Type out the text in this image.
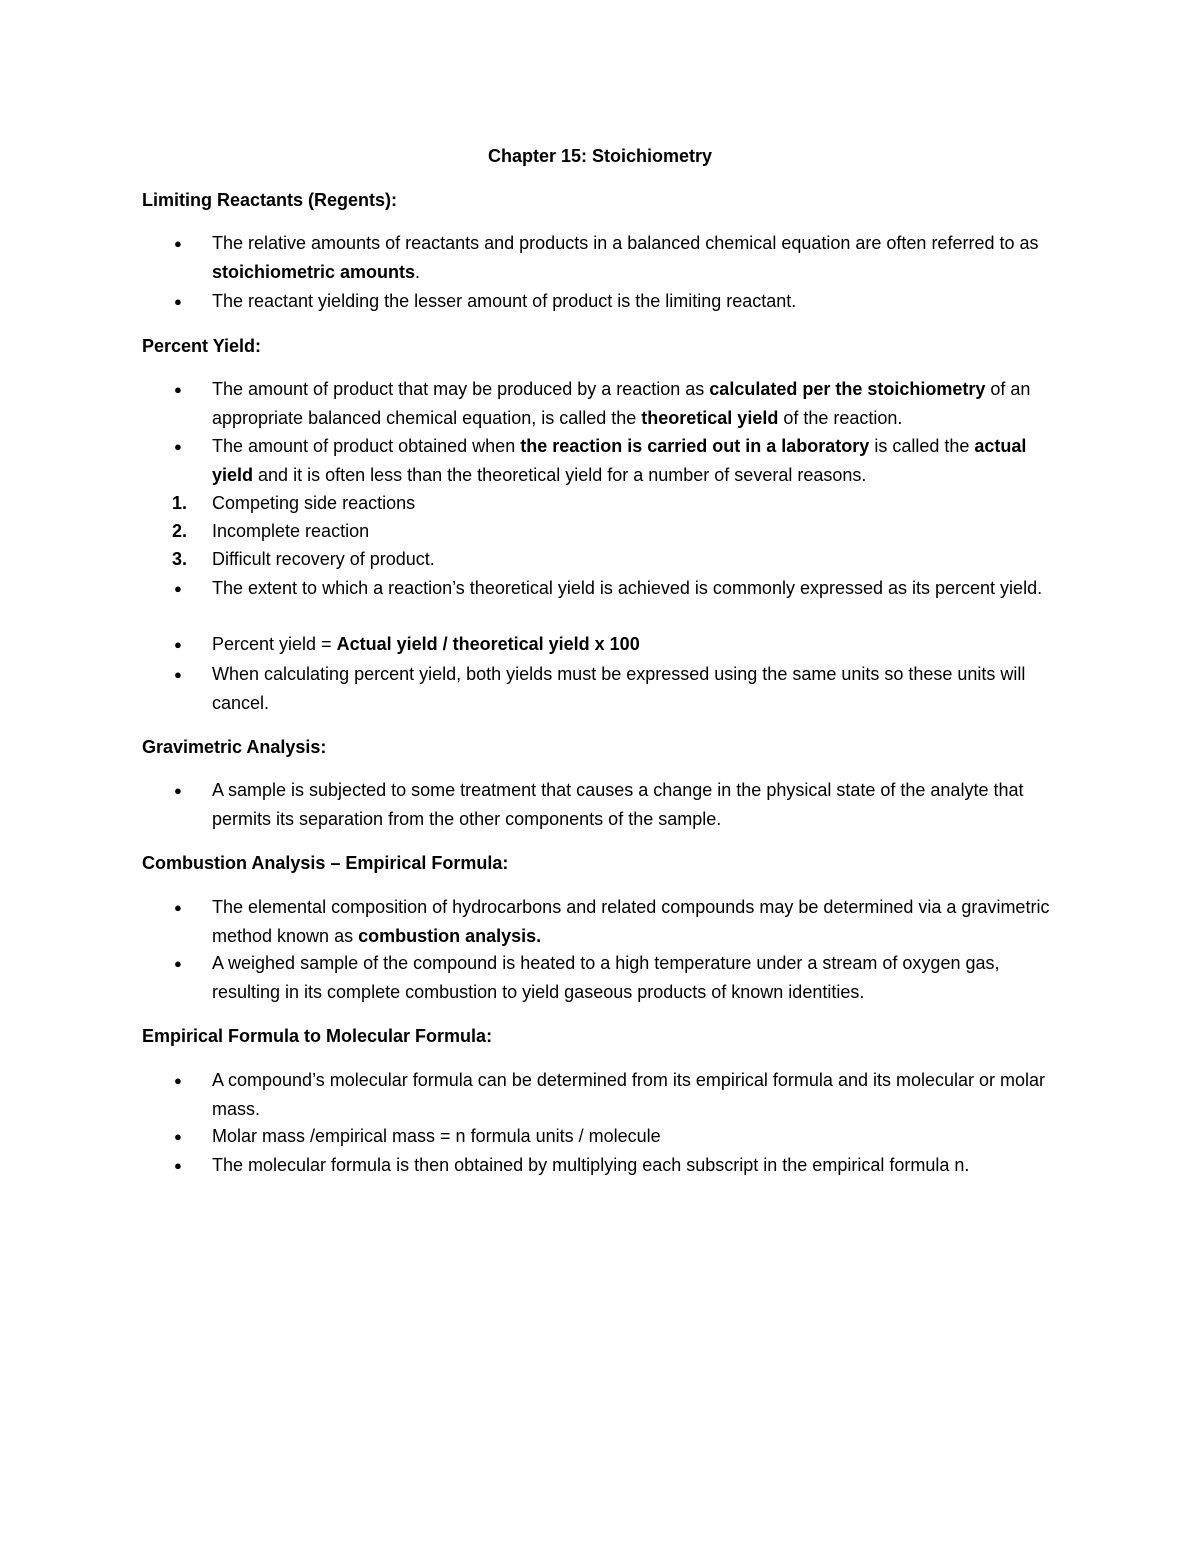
Chapter 15: Stoichiometry
Limiting Reactants (Regents):
●	The relative amounts of reactants and products in a balanced chemical equation are often referred to as stoichiometric amounts.
●	The reactant yielding the lesser amount of product is the limiting reactant.
Percent Yield:
●	The amount of product that may be produced by a reaction as calculated per the stoichiometry of an appropriate balanced chemical equation, is called the theoretical yield of the reaction.
●	The amount of product obtained when the reaction is carried out in a laboratory is called the actual yield and it is often less than the theoretical yield for a number of several reasons.
1.	Competing side reactions
2.	Incomplete reaction
3.	Difficult recovery of product.
●	The extent to which a reaction’s theoretical yield is achieved is commonly expressed as its percent yield.
●	Percent yield = Actual yield / theoretical yield x 100
●	When calculating percent yield, both yields must be expressed using the same units so these units will cancel.
Gravimetric Analysis:
●	A sample is subjected to some treatment that causes a change in the physical state of the analyte that permits its separation from the other components of the sample.
Combustion Analysis – Empirical Formula:
●	The elemental composition of hydrocarbons and related compounds may be determined via a gravimetric method known as combustion analysis.
●	A weighed sample of the compound is heated to a high temperature under a stream of oxygen gas, resulting in its complete combustion to yield gaseous products of known identities.
Empirical Formula to Molecular Formula:
●	A compound’s molecular formula can be determined from its empirical formula and its molecular or molar mass.
●	Molar mass /empirical mass = n formula units / molecule
●	The molecular formula is then obtained by multiplying each subscript in the empirical formula n.
